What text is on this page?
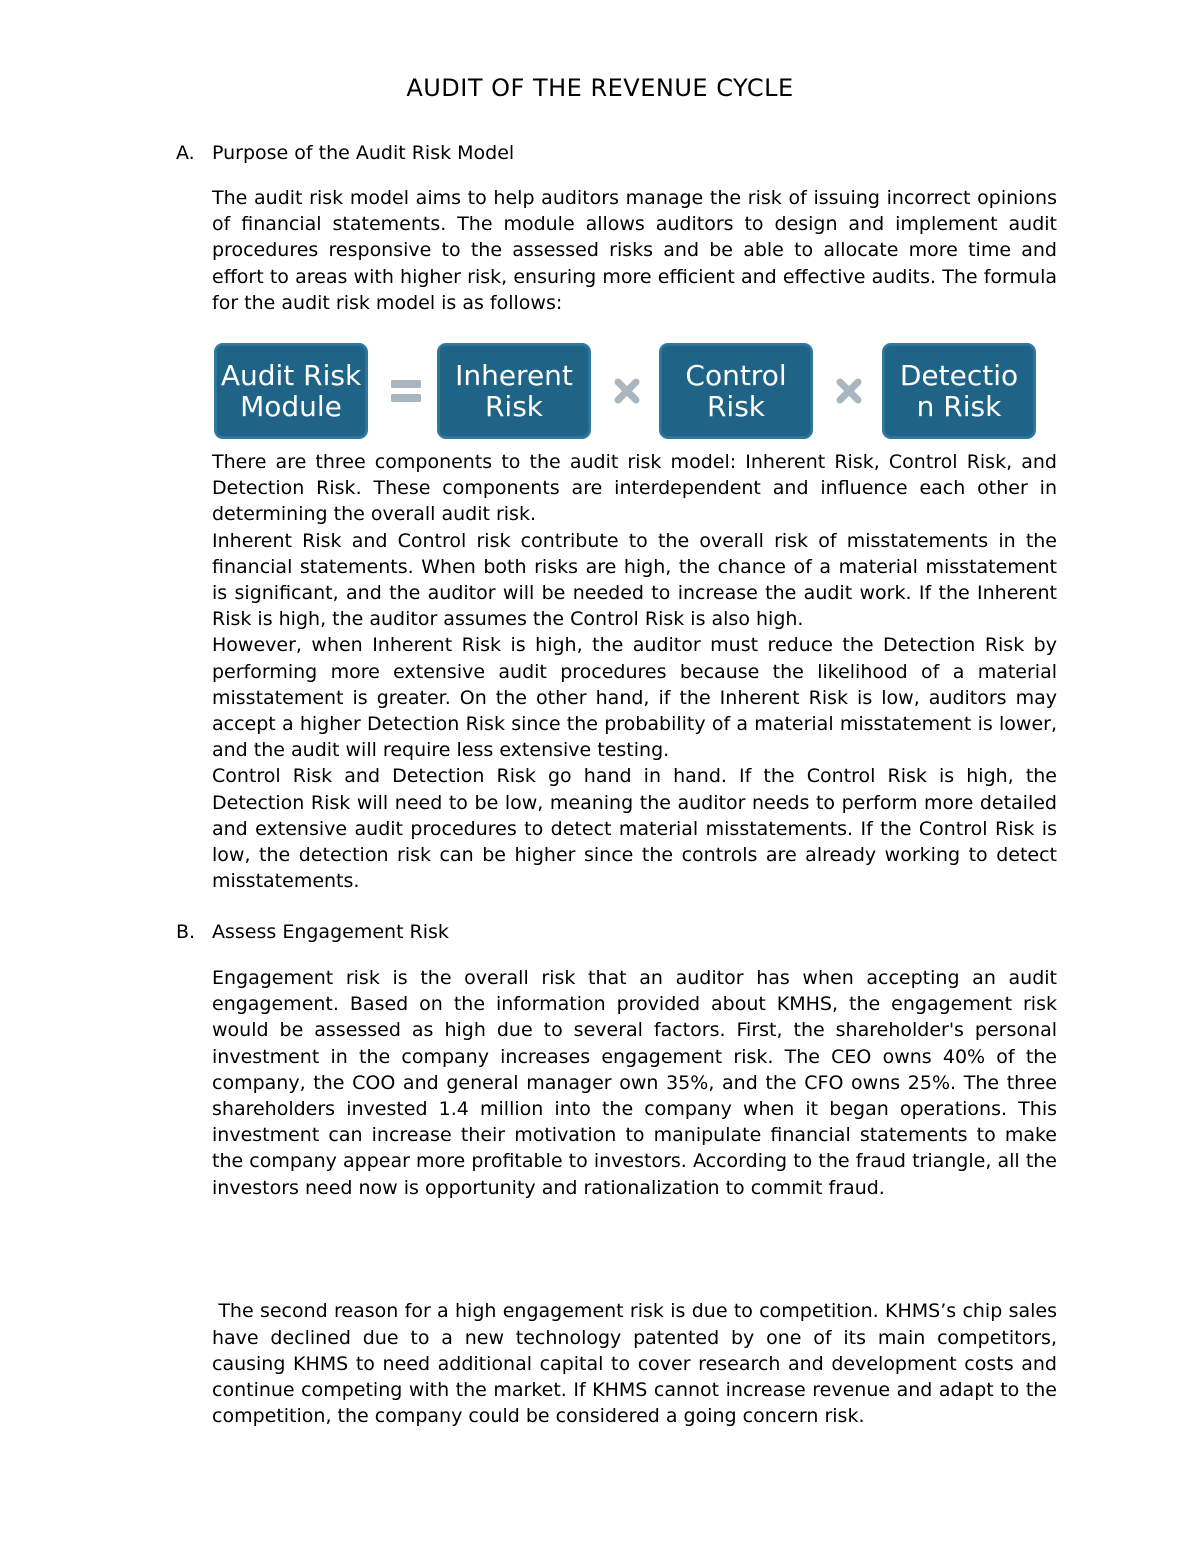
AUDIT OF THE REVENUE CYCLE
A. Purpose of the Audit Risk Model

The audit risk model aims to help auditors manage the risk of issuing incorrect opinions of financial statements. The module allows auditors to design and implement audit procedures responsive to the assessed risks and be able to allocate more time and effort to areas with higher risk, ensuring more efficient and effective audits. The formula for the audit risk model is as follows:

Audit Risk Module
Inherent Risk
Control Risk
Detectio n Risk

There are three components to the audit risk model: Inherent Risk, Control Risk, and Detection Risk. These components are interdependent and influence each other in determining the overall audit risk.

Inherent Risk and Control risk contribute to the overall risk of misstatements in the financial statements. When both risks are high, the chance of a material misstatement is significant, and the auditor will be needed to increase the audit work. If the Inherent Risk is high, the auditor assumes the Control Risk is also high.

However, when Inherent Risk is high, the auditor must reduce the Detection Risk by performing more extensive audit procedures because the likelihood of a material misstatement is greater. On the other hand, if the Inherent Risk is low, auditors may accept a higher Detection Risk since the probability of a material misstatement is lower, and the audit will require less extensive testing.

Control Risk and Detection Risk go hand in hand. If the Control Risk is high, the Detection Risk will need to be low, meaning the auditor needs to perform more detailed and extensive audit procedures to detect material misstatements. If the Control Risk is low, the detection risk can be higher since the controls are already working to detect misstatements.

B. Assess Engagement Risk

Engagement risk is the overall risk that an auditor has when accepting an audit engagement. Based on the information provided about KMHS, the engagement risk would be assessed as high due to several factors. First, the shareholder's personal investment in the company increases engagement risk. The CEO owns 40% of the company, the COO and general manager own 35%, and the CFO owns 25%. The three shareholders invested 1.4 million into the company when it began operations. This investment can increase their motivation to manipulate financial statements to make the company appear more profitable to investors. According to the fraud triangle, all the investors need now is opportunity and rationalization to commit fraud.

The second reason for a high engagement risk is due to competition. KHMS’s chip sales have declined due to a new technology patented by one of its main competitors, causing KHMS to need additional capital to cover research and development costs and continue competing with the market. If KHMS cannot increase revenue and adapt to the competition, the company could be considered a going concern risk.
